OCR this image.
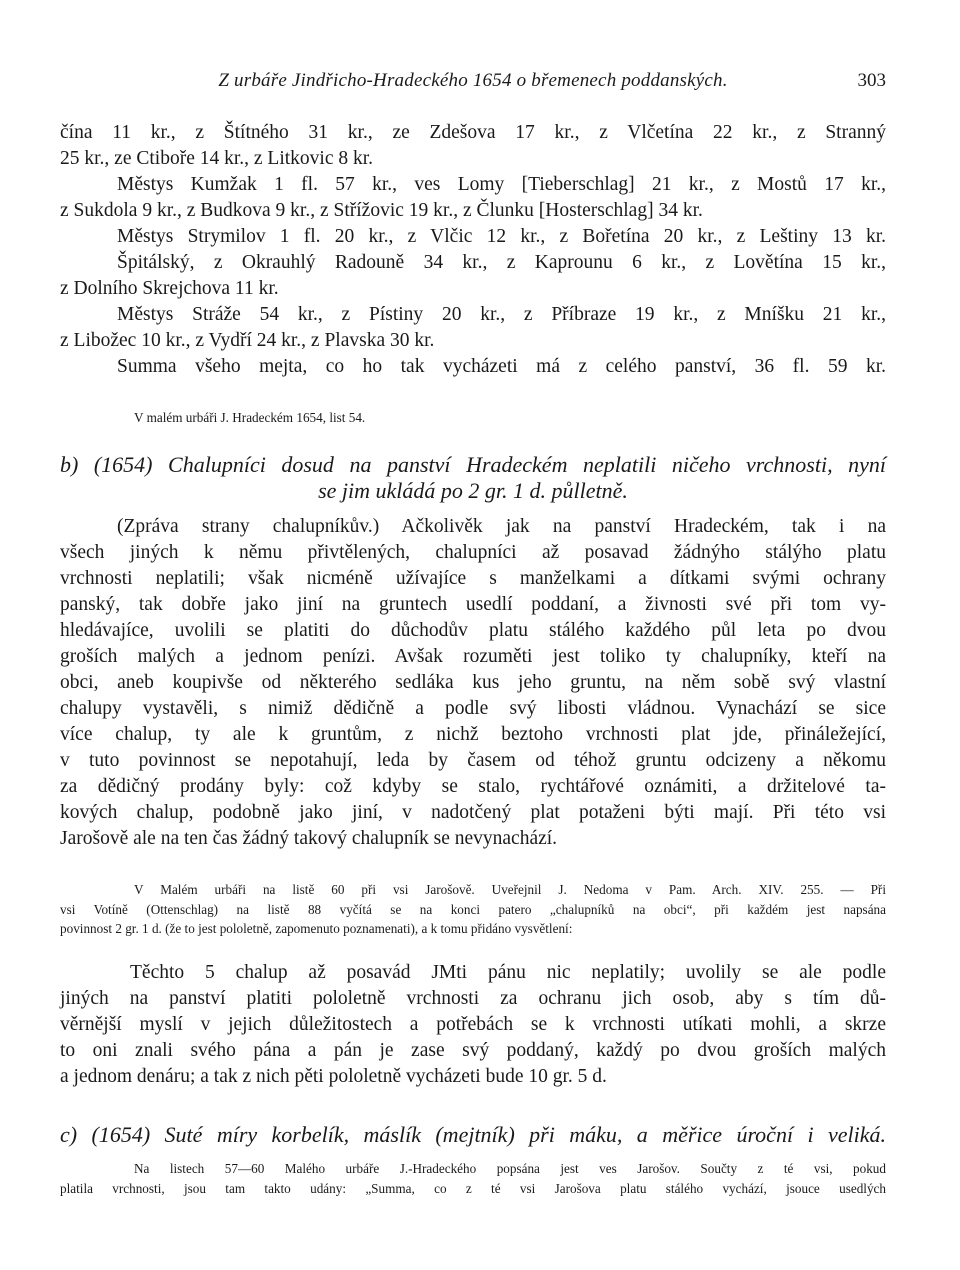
Z urbáře Jindřicho-Hradeckého 1654 o břemenech poddanských.	303

čína 11 kr., z Štítného 31 kr., ze Zdešova 17 kr., z Vlčetína 22 kr., z Stranný

25 kr., ze Ctiboře 14 kr., z Litkovic 8 kr.

Městys Kumžak 1 fl. 57 kr., ves Lomy [Tieberschlag] 21 kr., z Mostů 17 kr.,

z Sukdola 9 kr., z Budkova 9 kr., z Střížovic 19 kr., z Člunku [Hosterschlag] 34 kr.

Městys Strymilov 1 fl. 20 kr., z Vlčic 12 kr., z Bořetína 20 kr., z Leštiny 13 kr.

Špitálský, z Okrauhlý Radouně 34 kr., z Kaprounu 6 kr., z Lovětína 15 kr.,

z Dolního Skrejchova 11 kr.

Městys Stráže 54 kr., z Pístiny 20 kr., z Příbraze 19 kr., z Mníšku 21 kr.,

z Libožec 10 kr., z Vydří 24 kr., z Plavska 30 kr.

Summa všeho mejta, co ho tak vycházeti má z celého panství, 36 fl. 59 kr.

V malém urbáři J. Hradeckém 1654, list 54.

b) (1654) Chalupníci dosud na panství Hradeckém neplatili ničeho vrchnosti, nyní
se jim ukládá po 2 gr. 1 d. půlletně.
(Zpráva strany chalupníkův.) Ačkolivěk jak na panství Hradeckém, tak i na
všech jiných k němu přivtělených, chalupníci až posavad žádnýho stálýho platu
vrchnosti neplatili; však nicméně užívajíce s manželkami a dítkami svými ochrany
panský, tak dobře jako jiní na gruntech usedlí poddaní, a živnosti své při tom vy-
hledávajíce, uvolili se platiti do důchodův platu stálého každého půl leta po dvou
groších malých a jednom penízi. Avšak rozuměti jest toliko ty chalupníky, kteří na
obci, aneb koupivše od některého sedláka kus jeho gruntu, na něm sobě svý vlastní
chalupy vystavěli, s nimiž dědičně a podle svý libosti vládnou. Vynachází se sice
více chalup, ty ale k gruntům, z nichž beztoho vrchnosti plat jde, přináležející,
v tuto povinnost se nepotahují, leda by časem od téhož gruntu odcizeny a někomu
za dědičný prodány byly: což kdyby se stalo, rychtářové oznámiti, a držitelové ta-
kových chalup, podobně jako jiní, v nadotčený plat potaženi býti mají. Při této vsi
Jarošově ale na ten čas žádný takový chalupník se nevynachází.
V Malém urbáři na listě 60 při vsi Jarošově. Uveřejnil J. Nedoma v Pam. Arch. XIV. 255. — Při
vsi Votíně (Ottenschlag) na listě 88 vyčítá se na konci patero „chalupníků na obci“, při každém jest napsána
povinnost 2 gr. 1 d. (že to jest pololetně, zapomenuto poznamenati), a k tomu přidáno vysvětlení:
Těchto 5 chalup až posavád JMti pánu nic neplatily; uvolily se ale podle
jiných na panství platiti pololetně vrchnosti za ochranu jich osob, aby s tím dů-
věrnější myslí v jejich důležitostech a potřebách se k vrchnosti utíkati mohli, a skrze
to oni znali svého pána a pán je zase svý poddaný, každý po dvou groších malých
a jednom denáru; a tak z nich pěti pololetně vycházeti bude 10 gr. 5 d.
c) (1654) Suté míry korbelík, máslík (mejtník) při máku, a měřice úroční i veliká.
Na listech 57—60 Malého urbáře J.-Hradeckého popsána jest ves Jarošov. Součty z té vsi, pokud
platila vrchnosti, jsou tam takto udány: „Summa, co z té vsi Jarošova platu stálého vychází, jsouce usedlých
